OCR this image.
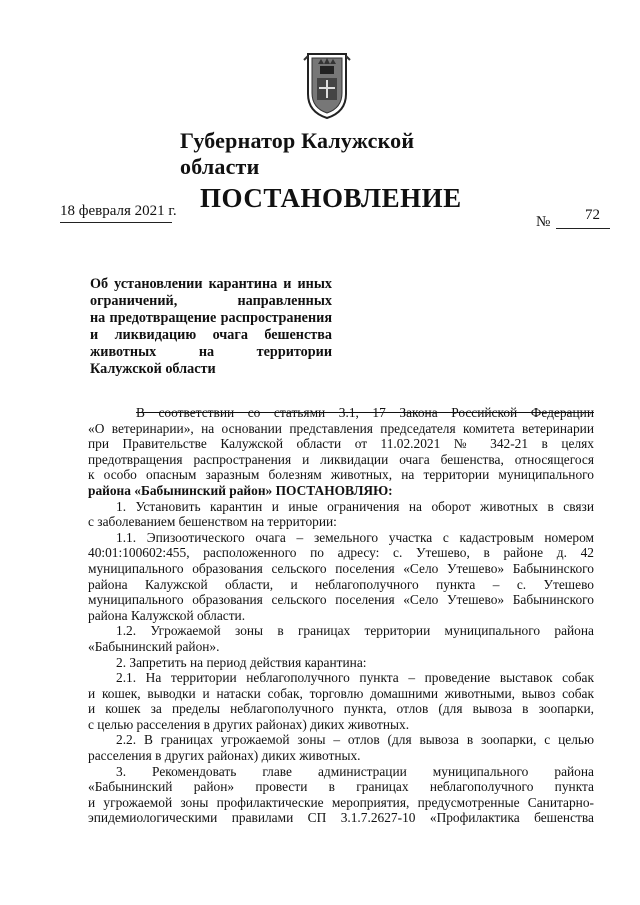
Губернатор Калужской области
ПОСТАНОВЛЕНИЕ
18 февраля 2021 г.
№ 72
Об установлении карантина и иных
ограничений, направленных
на предотвращение распространения
и ликвидацию очага бешенства
животных на территории
Калужской области
В соответствии со статьями 3.1, 17 Закона Российской Федерации
«О ветеринарии», на основании представления председателя комитета ветеринарии
при Правительстве Калужской области от 11.02.2021 № 342-21 в целях
предотвращения распространения и ликвидации очага бешенства, относящегося
к особо опасным заразным болезням животных, на территории муниципального
района «Бабынинский район» ПОСТАНОВЛЯЮ:
1. Установить карантин и иные ограничения на оборот животных в связи
с заболеванием бешенством на территории:
1.1. Эпизоотического очага – земельного участка с кадастровым номером
40:01:100602:455, расположенного по адресу: с. Утешево, в районе д. 42
муниципального образования сельского поселения «Село Утешево» Бабынинского
района Калужской области, и неблагополучного пункта – с. Утешево
муниципального образования сельского поселения «Село Утешево» Бабынинского
района Калужской области.
1.2. Угрожаемой зоны в границах территории муниципального района
«Бабынинский район».
2. Запретить на период действия карантина:
2.1. На территории неблагополучного пункта – проведение выставок собак
и кошек, выводки и натаски собак, торговлю домашними животными, вывоз собак
и кошек за пределы неблагополучного пункта, отлов (для вывоза в зоопарки,
с целью расселения в других районах) диких животных.
2.2. В границах угрожаемой зоны – отлов (для вывоза в зоопарки, с целью
расселения в других районах) диких животных.
3. Рекомендовать главе администрации муниципального района
«Бабынинский район» провести в границах неблагополучного пункта
и угрожаемой зоны профилактические мероприятия, предусмотренные Санитарно-
эпидемиологическими правилами СП 3.1.7.2627-10 «Профилактика бешенства
